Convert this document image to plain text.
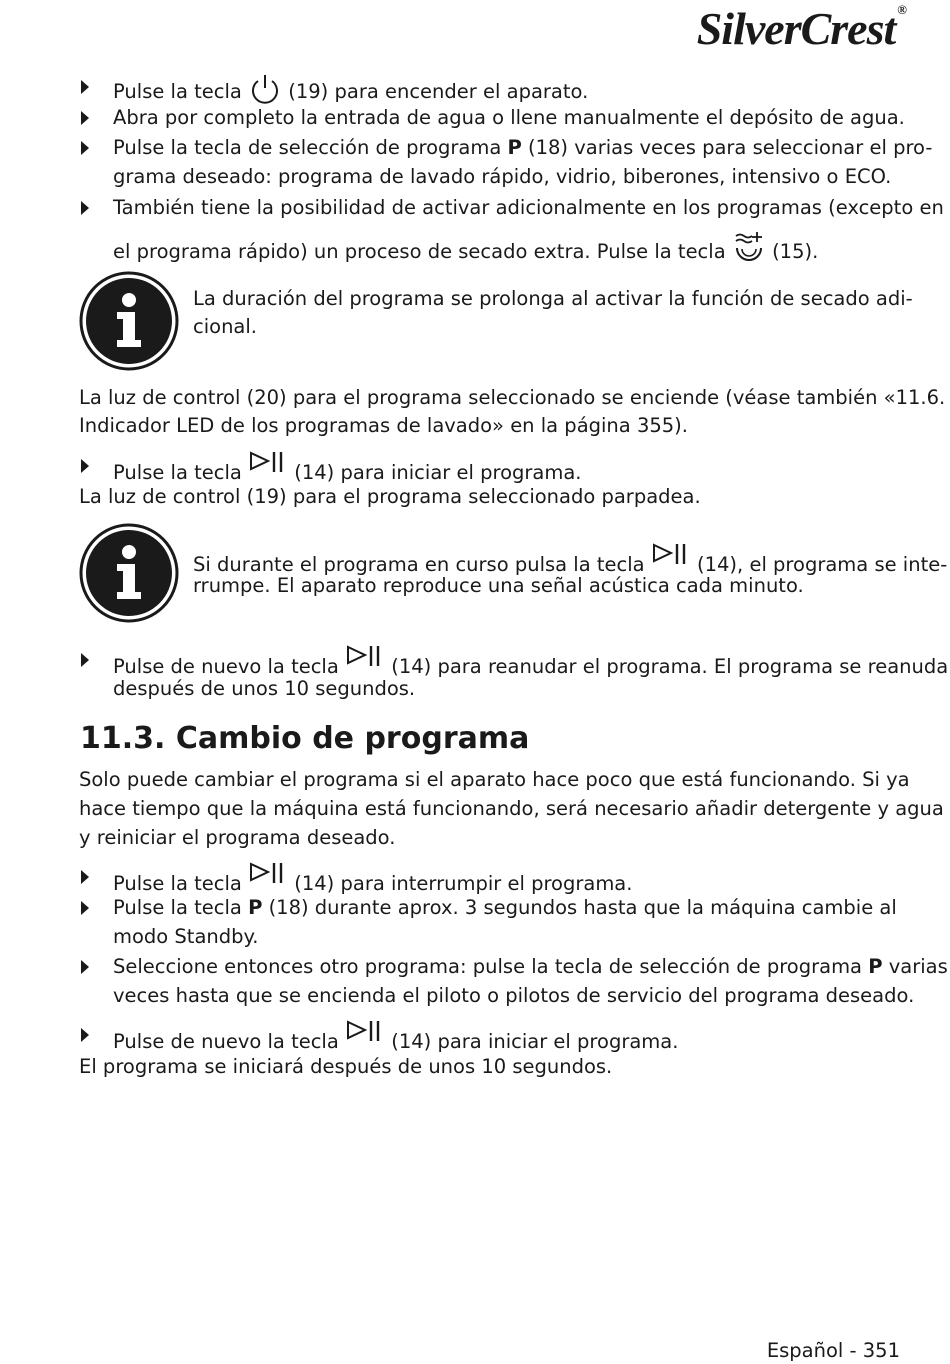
SilverCrest ®
Pulse la tecla (19) para encender el aparato.
Abra por completo la entrada de agua o llene manualmente el depósito de agua.
Pulse la tecla de selección de programa P (18) varias veces para seleccionar el pro-
grama deseado: programa de lavado rápido, vidrio, biberones, intensivo o ECO.
También tiene la posibilidad de activar adicionalmente en los programas (excepto en
el programa rápido) un proceso de secado extra. Pulse la tecla (15).
La duración del programa se prolonga al activar la función de secado adi-
cional.
La luz de control (20) para el programa seleccionado se enciende (véase también «11.6.
Indicador LED de los programas de lavado» en la página 355).
Pulse la tecla	(14) para iniciar el programa.
La luz de control (19) para el programa seleccionado parpadea.
Si durante el programa en curso pulsa la tecla	(14), el programa se inte-
rrumpe. El aparato reproduce una señal acústica cada minuto.
Pulse de nuevo la tecla	(14) para reanudar el programa. El programa se reanuda
después de unos 10 segundos.
11.3. Cambio de programa
Solo puede cambiar el programa si el aparato hace poco que está funcionando. Si ya
hace tiempo que la máquina está funcionando, será necesario añadir detergente y agua
y reiniciar el programa deseado.
Pulse la tecla	(14) para interrumpir el programa.
Pulse la tecla P (18) durante aprox. 3 segundos hasta que la máquina cambie al
modo Standby.
Seleccione entonces otro programa: pulse la tecla de selección de programa P varias
veces hasta que se encienda el piloto o pilotos de servicio del programa deseado.
Pulse de nuevo la tecla	(14) para iniciar el programa.
El programa se iniciará después de unos 10 segundos.
Español - 351
